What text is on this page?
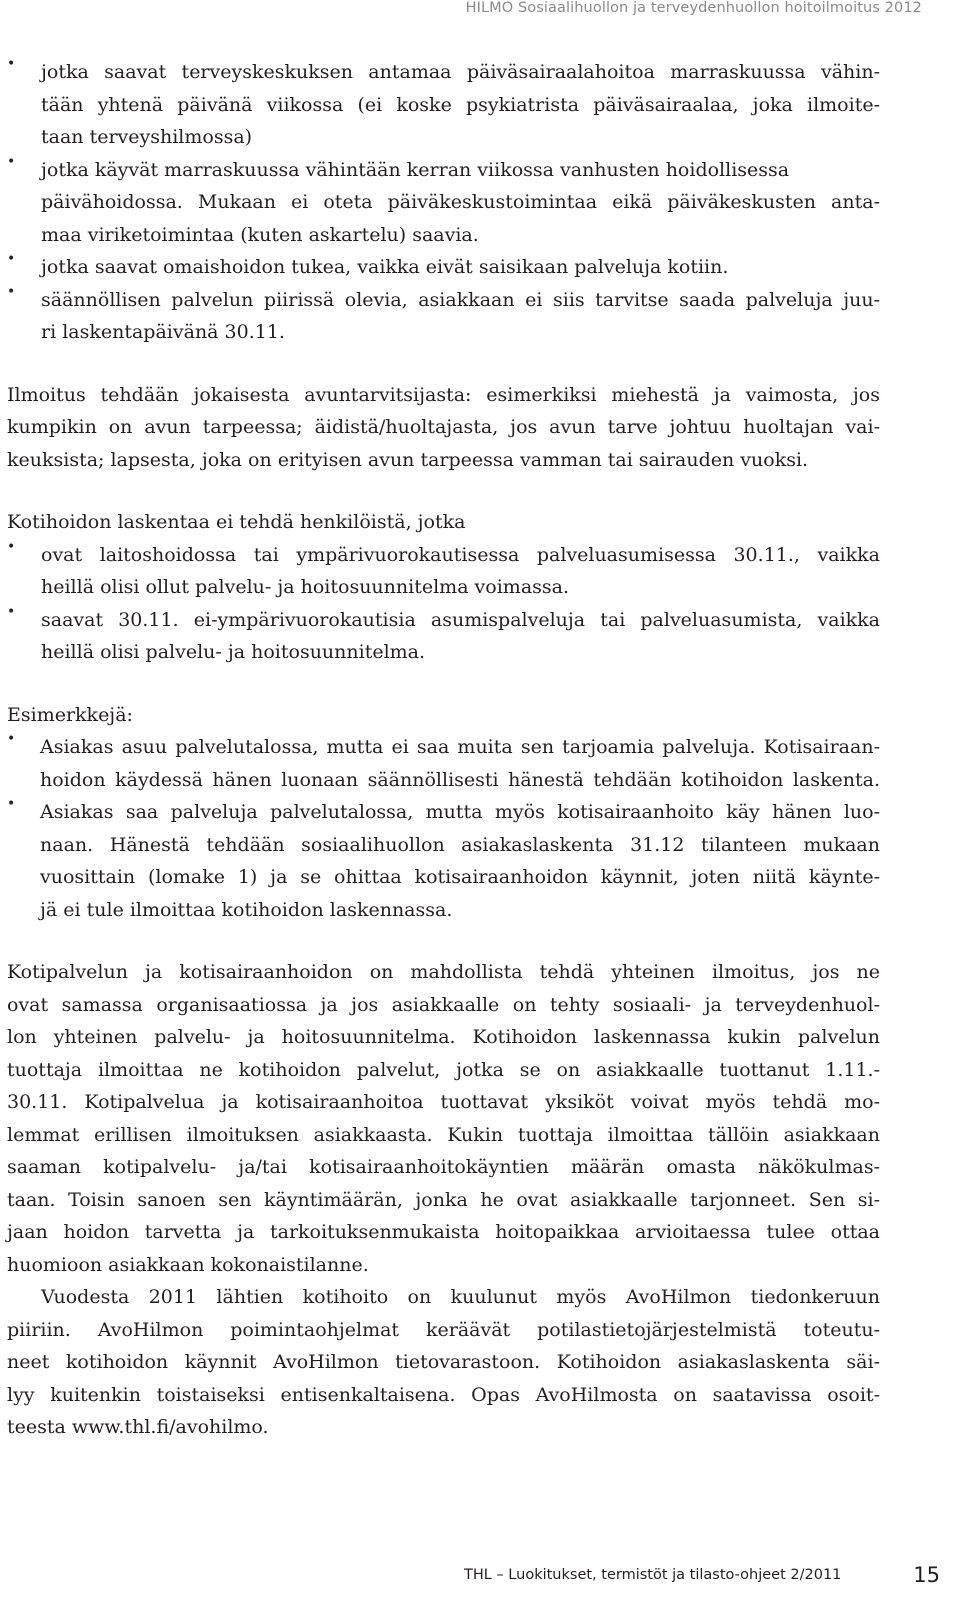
HILMO Sosiaalihuollon ja terveydenhuollon hoitoilmoitus 2012
•	jotka saavat terveyskeskuksen antamaa päiväsairaalahoitoa marraskuussa vähin-
tään yhtenä päivänä viikossa (ei koske psykiatrista päiväsairaalaa, joka ilmoite-
taan terveyshilmossa)
•	jotka käyvät marraskuussa vähintään kerran viikossa vanhusten hoidollisessa
päivähoidossa. Mukaan ei oteta päiväkeskustoimintaa eikä päiväkeskusten anta-
maa viriketoimintaa (kuten askartelu) saavia.
•	jotka saavat omaishoidon tukea, vaikka eivät saisikaan palveluja kotiin.
•	säännöllisen palvelun piirissä olevia, asiakkaan ei siis tarvitse saada palveluja juu-
ri laskentapäivänä 30.11.
Ilmoitus tehdään jokaisesta avuntarvitsijasta: esimerkiksi miehestä ja vaimosta, jos
kumpikin on avun tarpeessa; äidistä/huoltajasta, jos avun tarve johtuu huoltajan vai-
keuksista; lapsesta, joka on erityisen avun tarpeessa vamman tai sairauden vuoksi.
Kotihoidon laskentaa ei tehdä henkilöistä, jotka
•	ovat laitoshoidossa tai ympärivuorokautisessa palveluasumisessa 30.11., vaikka
heillä olisi ollut palvelu- ja hoitosuunnitelma voimassa.
•	saavat 30.11. ei-ympärivuorokautisia asumispalveluja tai palveluasumista, vaikka
heillä olisi palvelu- ja hoitosuunnitelma.
Esimerkkejä:
•	Asiakas asuu palvelutalossa, mutta ei saa muita sen tarjoamia palveluja. Kotisairaan-
hoidon käydessä hänen luonaan säännöllisesti hänestä tehdään kotihoidon laskenta.
•	Asiakas saa palveluja palvelutalossa, mutta myös kotisairaanhoito käy hänen luo-
naan. Hänestä tehdään sosiaalihuollon asiakaslaskenta 31.12 tilanteen mukaan
vuosittain (lomake 1) ja se ohittaa kotisairaanhoidon käynnit, joten niitä käynte-
jä ei tule ilmoittaa kotihoidon laskennassa.
Kotipalvelun ja kotisairaanhoidon on mahdollista tehdä yhteinen ilmoitus, jos ne
ovat samassa organisaatiossa ja jos asiakkaalle on tehty sosiaali- ja terveydenhuol-
lon yhteinen palvelu- ja hoitosuunnitelma. Kotihoidon laskennassa kukin palvelun
tuottaja ilmoittaa ne kotihoidon palvelut, jotka se on asiakkaalle tuottanut 1.11.-
30.11. Kotipalvelua ja kotisairaanhoitoa tuottavat yksiköt voivat myös tehdä mo-
lemmat erillisen ilmoituksen asiakkaasta. Kukin tuottaja ilmoittaa tällöin asiakkaan
saaman kotipalvelu- ja/tai kotisairaanhoitokäyntien määrän omasta näkökulmas-
taan. Toisin sanoen sen käyntimäärän, jonka he ovat asiakkaalle tarjonneet. Sen si-
jaan hoidon tarvetta ja tarkoituksenmukaista hoitopaikkaa arvioitaessa tulee ottaa
huomioon asiakkaan kokonaistilanne.
Vuodesta 2011 lähtien kotihoito on kuulunut myös AvoHilmon tiedonkeruun
piiriin. AvoHilmon poimintaohjelmat keräävät potilastietojärjestelmistä toteutu-
neet kotihoidon käynnit AvoHilmon tietovarastoon. Kotihoidon asiakaslaskenta säi-
lyy kuitenkin toistaiseksi entisenkaltaisena. Opas AvoHilmosta on saatavissa osoit-
teesta www.thl.fi/avohilmo.
THL – Luokitukset, termistöt ja tilasto-ohjeet 2/2011	15
